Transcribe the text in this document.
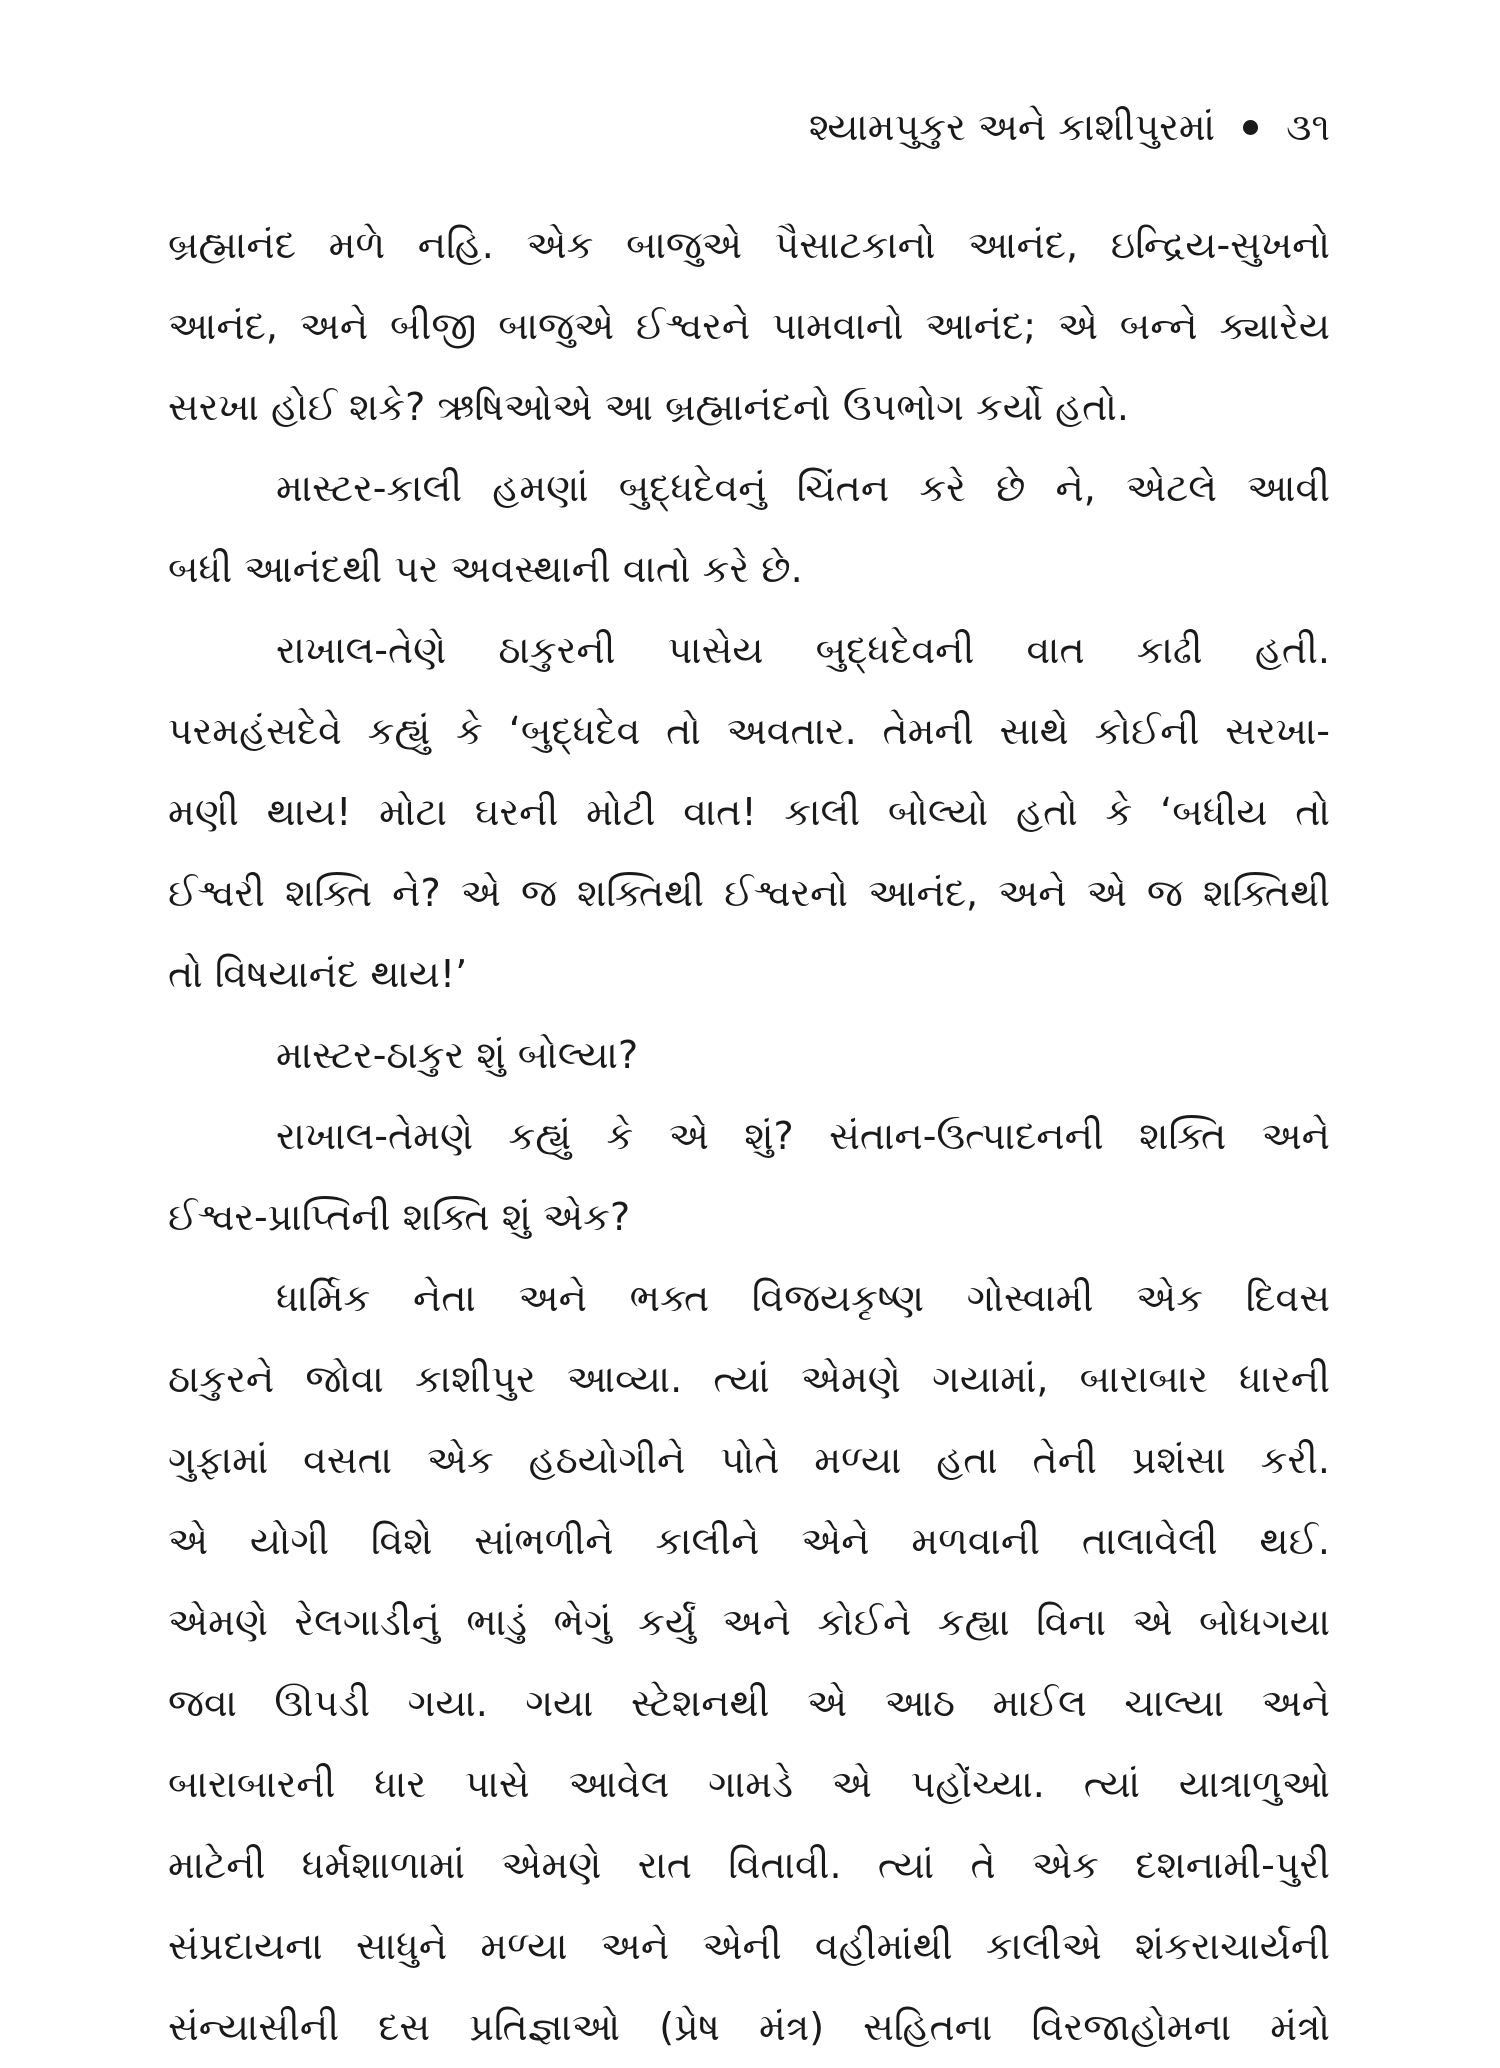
શ્યામપુકુર અને કાશીપુરમાં ૩૧
બ્રહ્માનંદ મળે નહિ. એક બાજુએ પૈસાટકાનો આનંદ, ઇન્દ્રિય-સુખનો
આનંદ, અને બીજી બાજુએ ઈશ્વરને પામવાનો આનંદ; એ બન્ને ક્યારેય
સરખા હોઈ શકે? ઋષિઓએ આ બ્રહ્માનંદનો ઉપભોગ કર્યો હતો.
માસ્ટર-કાલી હમણાં બુદ્ધદેવનું ચિંતન કરે છે ને, એટલે આવી
બધી આનંદથી પર અવસ્થાની વાતો કરે છે.
રાખાલ-તેણે ઠાકુરની પાસેય બુદ્ધદેવની વાત કાઢી હતી.
પરમહંસદેવે કહ્યું કે ‘બુદ્ધદેવ તો અવતાર. તેમની સાથે કોઈની સરખા-
મણી થાય! મોટા ઘરની મોટી વાત! કાલી બોલ્યો હતો કે ‘બધીય તો
ઈશ્વરી શક્તિ ને? એ જ શક્તિથી ઈશ્વરનો આનંદ, અને એ જ શક્તિથી
તો વિષયાનંદ થાય!’
માસ્ટર-ઠાકુર શું બોલ્યા?
રાખાલ-તેમણે કહ્યું કે એ શું? સંતાન-ઉત્પાદનની શક્તિ અને
ઈશ્વર-પ્રાપ્તિની શક્તિ શું એક?
ધાર્મિક નેતા અને ભક્ત વિજયકૃષ્ણ ગોસ્વામી એક દિવસ
ઠાકુરને જોવા કાશીપુર આવ્યા. ત્યાં એમણે ગયામાં, બારાબાર ધારની
ગુફામાં વસતા એક હઠયોગીને પોતે મળ્યા હતા તેની પ્રશંસા કરી.
એ યોગી વિશે સાંભળીને કાલીને એને મળવાની તાલાવેલી થઈ.
એમણે રેલગાડીનું ભાડું ભેગું કર્યું અને કોઈને કહ્યા વિના એ બોધગયા
જવા ઊપડી ગયા. ગયા સ્ટેશનથી એ આઠ માઈલ ચાલ્યા અને
બારાબારની ધાર પાસે આવેલ ગામડે એ પહોંચ્યા. ત્યાં યાત્રાળુઓ
માટેની ધર્મશાળામાં એમણે રાત વિતાવી. ત્યાં તે એક દશનામી-પુરી
સંપ્રદાયના સાધુને મળ્યા અને એની વહીમાંથી કાલીએ શંકરાચાર્યની
સંન્યાસીની દસ પ્રતિજ્ઞાઓ (પ્રેષ મંત્ર) સહિતના વિરજાહોમના મંત્રો
